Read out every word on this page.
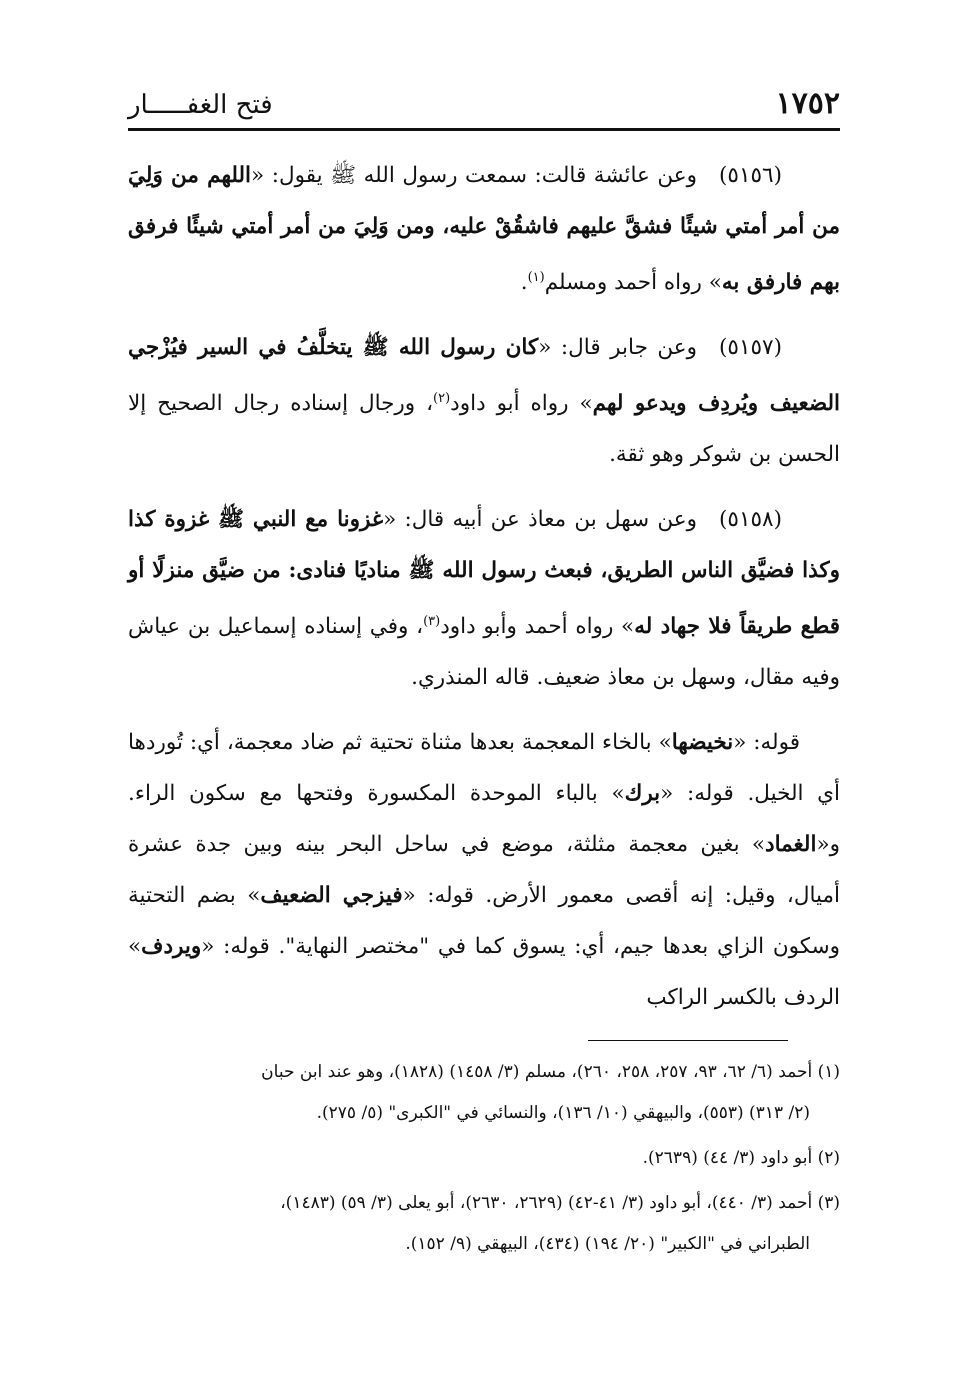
١٧٥٢
فتح الغفـــــار

(٥١٥٦)وعن عائشة قالت: سمعت رسول الله ﷺ يقول: «اللهم من وَلِيَ من أمر أمتي شيئًا فشقَّ عليهم فاشقُقْ عليه، ومن وَلِيَ من أمر أمتي شيئًا فرفق بهم فارفق به» رواه أحمد ومسلم$^{(١)}$.

(٥١٥٧)وعن جابر قال: «كان رسول الله ﷺ يتخلَّفُ في السير فيُزْجي الضعيف ويُردِف ويدعو لهم» رواه أبو داود$^{(٢)}$، ورجال إسناده رجال الصحيح إلا الحسن بن شوكر وهو ثقة.

(٥١٥٨)وعن سهل بن معاذ عن أبيه قال: «غزونا مع النبي ﷺ غزوة كذا وكذا فضيَّق الناس الطريق، فبعث رسول الله ﷺ مناديًا فنادى: من ضيَّق منزلًا أو قطع طريقاً فلا جهاد له» رواه أحمد وأبو داود$^{(٣)}$، وفي إسناده إسماعيل بن عياش وفيه مقال، وسهل بن معاذ ضعيف. قاله المنذري.

قوله: «نخيضها» بالخاء المعجمة بعدها مثناة تحتية ثم ضاد معجمة، أي: تُوردها أي الخيل. قوله: «برك» بالباء الموحدة المكسورة وفتحها مع سكون الراء. و«الغماد» بغين معجمة مثلثة، موضع في ساحل البحر بينه وبين جدة عشرة أميال، وقيل: إنه أقصى معمور الأرض. قوله: «فيزجي الضعيف» بضم التحتية وسكون الزاي بعدها جيم، أي: يسوق كما في "مختصر النهاية". قوله: «ويردف» الردف بالكسر الراكب

(١) أحمد (٦/ ٦٢، ٩٣، ٢٥٧، ٢٥٨، ٢٦٠)، مسلم (٣/ ١٤٥٨) (١٨٢٨)، وهو عند ابن حبان
(٢/ ٣١٣) (٥٥٣)، والبيهقي (١٠/ ١٣٦)، والنسائي في "الكبرى" (٥/ ٢٧٥).

(٢) أبو داود (٣/ ٤٤) (٢٦٣٩).

(٣) أحمد (٣/ ٤٤٠)، أبو داود (٣/ ٤١-٤٢) (٢٦٢٩، ٢٦٣٠)، أبو يعلى (٣/ ٥٩) (١٤٨٣)،
الطبراني في "الكبير" (٢٠/ ١٩٤) (٤٣٤)، البيهقي (٩/ ١٥٢).
